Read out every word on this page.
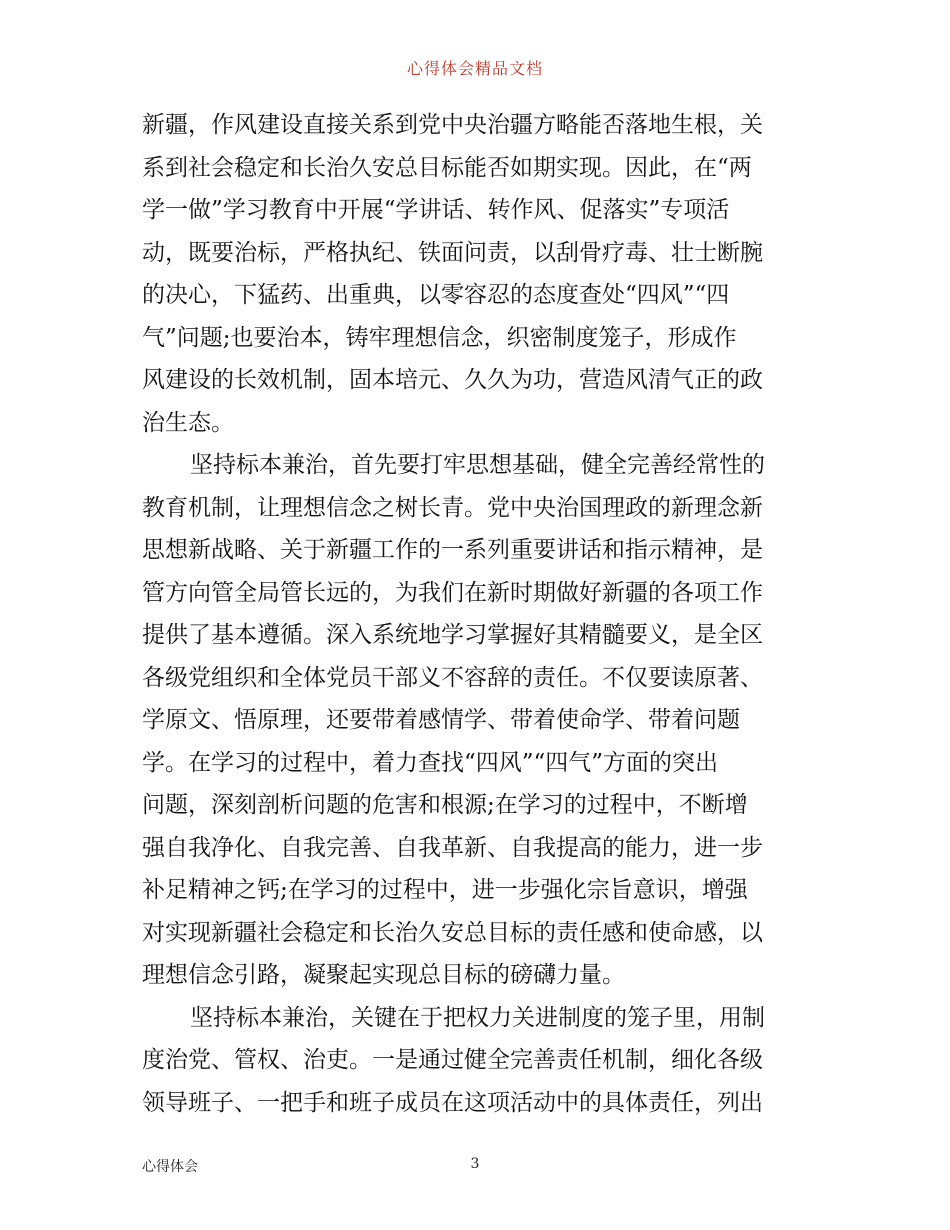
心得体会精品文档
新疆，作风建设直接关系到党中央治疆方略能否落地生根，关
系到社会稳定和长治久安总目标能否如期实现。因此，在“两
学一做”学习教育中开展“学讲话、转作风、促落实”专项活
动，既要治标，严格执纪、铁面问责，以刮骨疗毒、壮士断腕
的决心，下猛药、出重典，以零容忍的态度查处“四风”“四
气”问题;也要治本，铸牢理想信念，织密制度笼子，形成作
风建设的长效机制，固本培元、久久为功，营造风清气正的政
治生态。
坚持标本兼治，首先要打牢思想基础，健全完善经常性的
教育机制，让理想信念之树长青。党中央治国理政的新理念新
思想新战略、关于新疆工作的一系列重要讲话和指示精神，是
管方向管全局管长远的，为我们在新时期做好新疆的各项工作
提供了基本遵循。深入系统地学习掌握好其精髓要义，是全区
各级党组织和全体党员干部义不容辞的责任。不仅要读原著、
学原文、悟原理，还要带着感情学、带着使命学、带着问题
学。在学习的过程中，着力查找“四风”“四气”方面的突出
问题，深刻剖析问题的危害和根源;在学习的过程中，不断增
强自我净化、自我完善、自我革新、自我提高的能力，进一步
补足精神之钙;在学习的过程中，进一步强化宗旨意识，增强
对实现新疆社会稳定和长治久安总目标的责任感和使命感，以
理想信念引路，凝聚起实现总目标的磅礴力量。
坚持标本兼治，关键在于把权力关进制度的笼子里，用制
度治党、管权、治吏。一是通过健全完善责任机制，细化各级
领导班子、一把手和班子成员在这项活动中的具体责任，列出
心得体会	3
